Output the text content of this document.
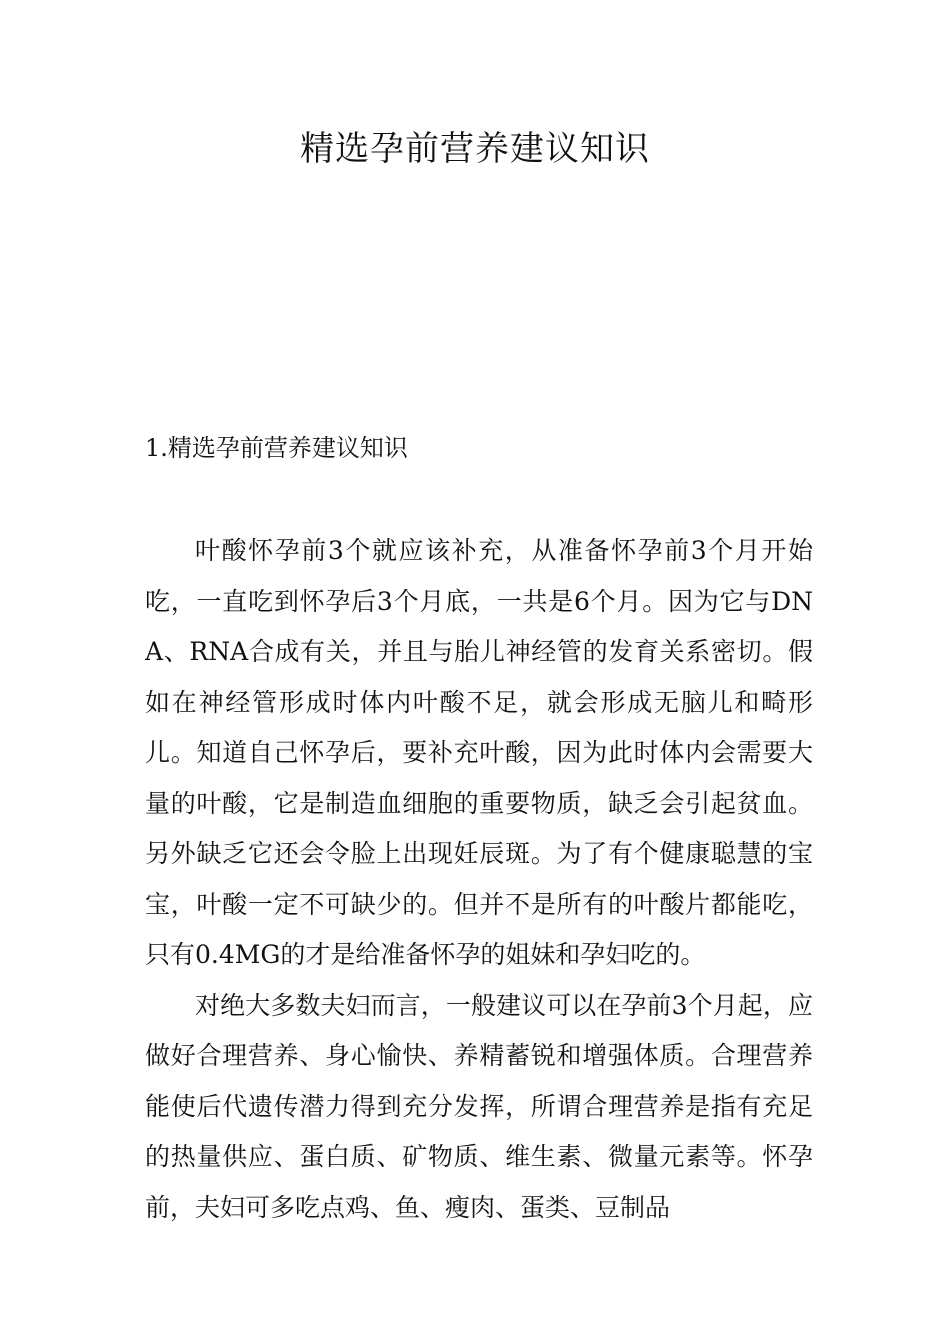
精选孕前营养建议知识
1.精选孕前营养建议知识

叶酸怀孕前3个就应该补充，从准备怀孕前3个月开始吃，一直吃到怀孕后3个月底，一共是6个月。因为它与DNA、RNA合成有关，并且与胎儿神经管的发育关系密切。假如在神经管形成时体内叶酸不足，就会形成无脑儿和畸形儿。知道自己怀孕后，要补充叶酸，因为此时体内会需要大量的叶酸，它是制造血细胞的重要物质，缺乏会引起贫血。另外缺乏它还会令脸上出现妊辰斑。为了有个健康聪慧的宝宝，叶酸一定不可缺少的。但并不是所有的叶酸片都能吃，只有0.4MG的才是给准备怀孕的姐妹和孕妇吃的。

对绝大多数夫妇而言，一般建议可以在孕前3个月起，应做好合理营养、身心愉快、养精蓄锐和增强体质。合理营养能使后代遗传潜力得到充分发挥，所谓合理营养是指有充足的热量供应、蛋白质、矿物质、维生素、微量元素等。怀孕前，夫妇可多吃点鸡、鱼、瘦肉、蛋类、豆制品
